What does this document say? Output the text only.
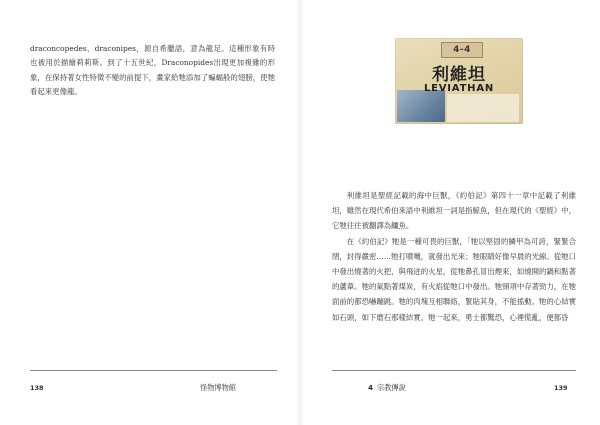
draconcopedes、draconipes，源自希臘語，意為龍足。這種形象有時也被用於描繪莉莉斯。到了十五世紀，Draconopides出現更加複雜的形象，在保持著女性特徵不變的前提下，畫家給牠添加了蝙蝠般的翅膀，使牠看起來更像龍。

138	怪物博物館
4-4
利維坦
LEVIATHAN

利維坦是聖經記載的海中巨獸，《約伯記》第四十一章中記載了利維坦，雖然在現代希伯來語中利維坦一詞是指鯨魚，但在現代的《聖經》中，它牠往往被翻譯為鱷魚。

在《約伯記》牠是一種可畏的巨獸，「牠以堅固的鱗甲為可誇，緊緊合閉，封得嚴密……牠打噴嚏，就發出光來；牠眼睛好像早晨的光線。從牠口中發出燒著的火把，與飛迸的火星，從牠鼻孔冒出煙來，如燒開的鍋和點著的蘆葦。牠的氣點著煤炭，有火焰從牠口中發出。牠頸項中存著勁力，在牠面前的都恐嚇蹦跳。牠的肉塊互相聯絡，緊貼其身，不能搖動。牠的心結實如石頭，如下磨石那樣結實。牠一起來，勇士都驚恐，心裡慌亂，便都昏

4 宗教傳說	139
